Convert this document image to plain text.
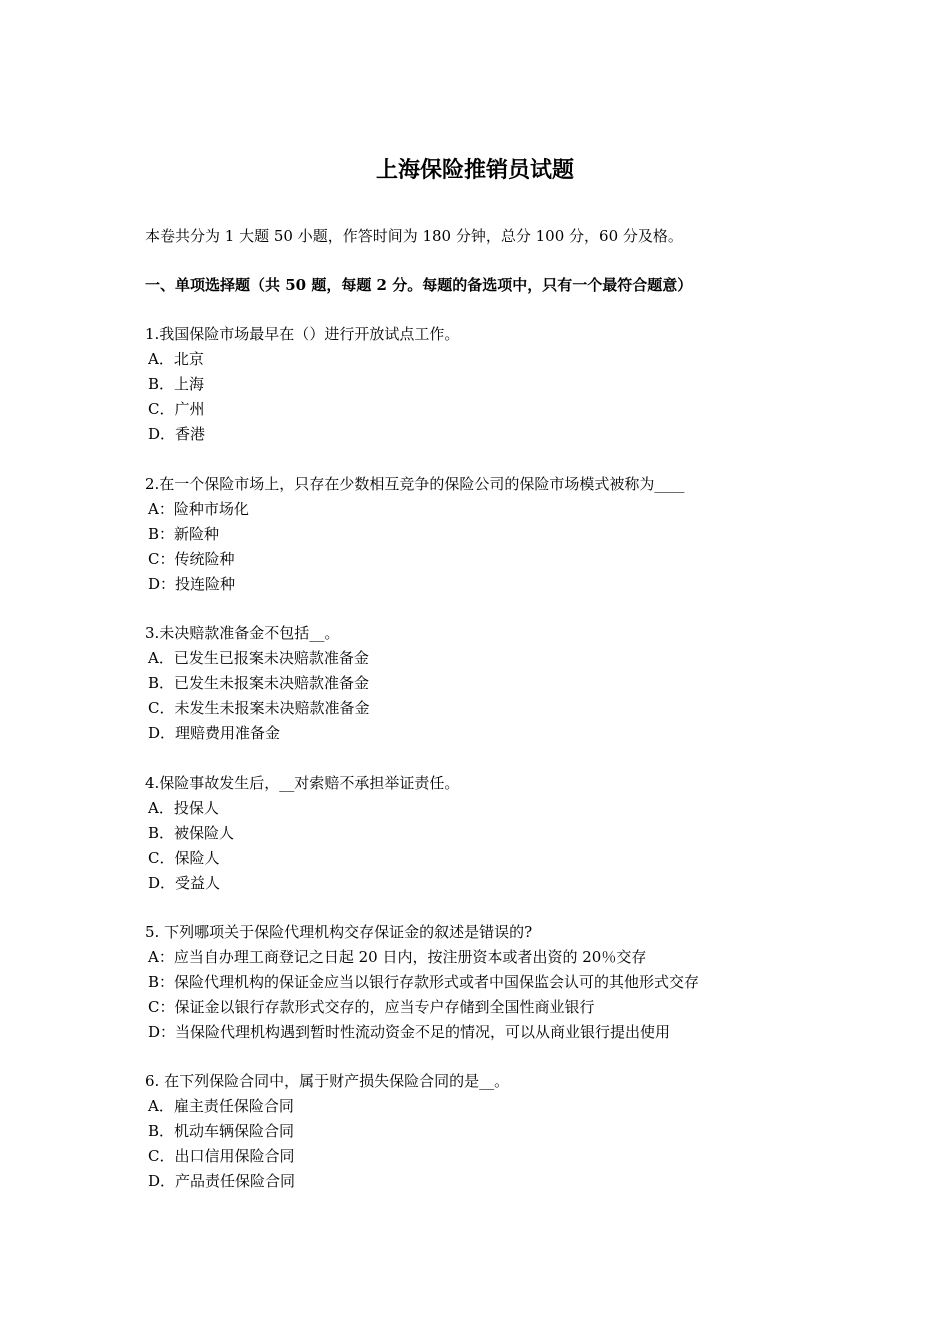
上海保险推销员试题
本卷共分为 1 大题 50 小题，作答时间为 180 分钟，总分 100 分，60 分及格。
一、单项选择题（共 50 题，每题 2 分。每题的备选项中，只有一个最符合题意）
1.我国保险市场最早在（）进行开放试点工作。
A．北京
B．上海
C．广州
D．香港
2.在一个保险市场上，只存在少数相互竞争的保险公司的保险市场模式被称为____
A：险种市场化
B：新险种
C：传统险种
D：投连险种
3.未决赔款准备金不包括__。
A．已发生已报案未决赔款准备金
B．已发生未报案未决赔款准备金
C．未发生未报案未决赔款准备金
D．理赔费用准备金
4.保险事故发生后，__对索赔不承担举证责任。
A．投保人
B．被保险人
C．保险人
D．受益人
5. 下列哪项关于保险代理机构交存保证金的叙述是错误的?
A：应当自办理工商登记之日起 20 日内，按注册资本或者出资的 20％交存
B：保险代理机构的保证金应当以银行存款形式或者中国保监会认可的其他形式交存
C：保证金以银行存款形式交存的，应当专户存储到全国性商业银行
D：当保险代理机构遇到暂时性流动资金不足的情况，可以从商业银行提出使用
6. 在下列保险合同中，属于财产损失保险合同的是__。
A．雇主责任保险合同
B．机动车辆保险合同
C．出口信用保险合同
D．产品责任保险合同
